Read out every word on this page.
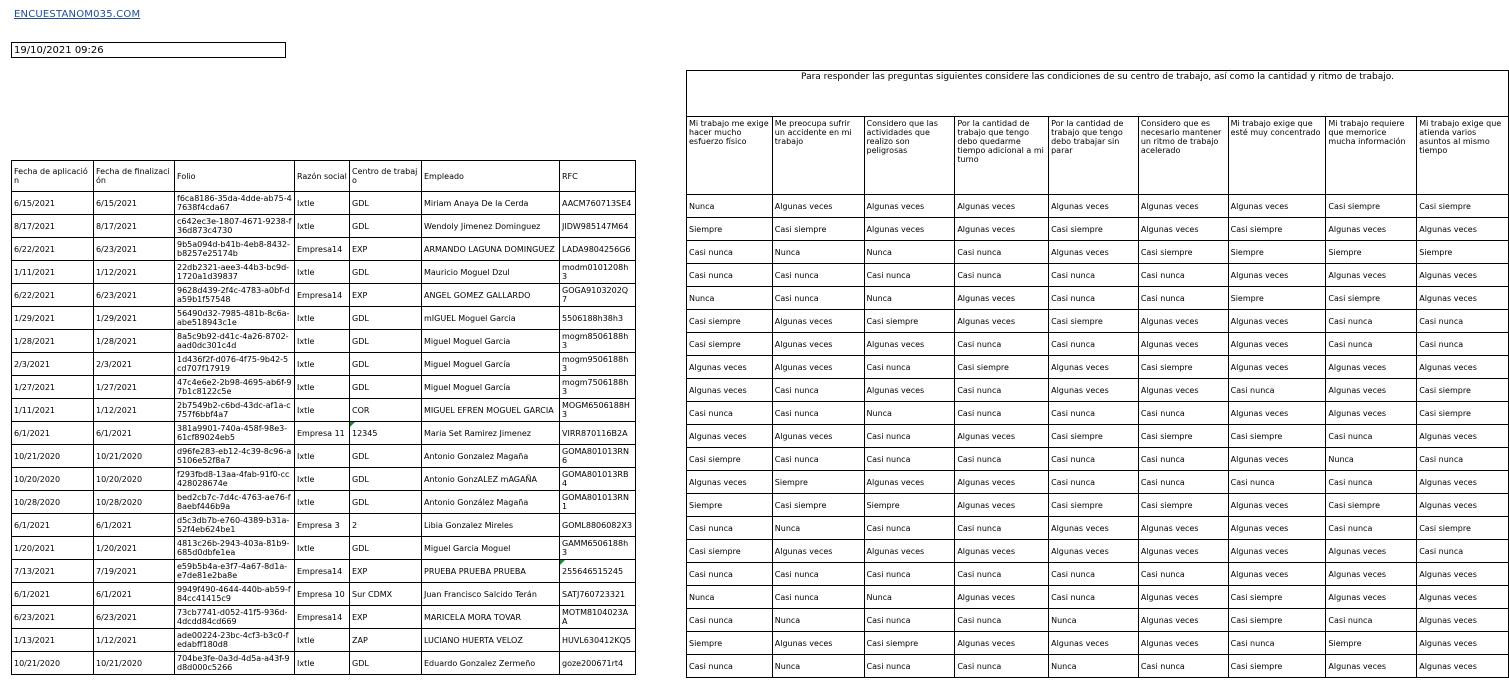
ENCUESTANOM035.COM
19/10/2021 09:26
Fecha de aplicación	Fecha de finalización	Folio	Razón social	Centro de trabajo	Empleado	RFC
6/15/2021	6/15/2021	f6ca8186-35da-4dde-ab75-47638f4cda67	Ixtle	GDL	Miriam Anaya De la Cerda	AACM760713SE4
8/17/2021	8/17/2021	c642ec3e-1807-4671-9238-f36d873c4730	Ixtle	GDL	Wendoly Jimenez Dominguez	JIDW985147M64
6/22/2021	6/23/2021	9b5a094d-b41b-4eb8-8432-b8257e25174b	Empresa14	EXP	ARMANDO LAGUNA DOMINGUEZ	LADA9804256G6
1/11/2021	1/12/2021	22db2321-aee3-44b3-bc9d-1720a1d39837	Ixtle	GDL	Mauricio Moguel Dzul	modm0101208h3
6/22/2021	6/23/2021	9628d439-2f4c-4783-a0bf-da59b1f57548	Empresa14	EXP	ANGEL GOMEZ GALLARDO	GOGA9103202Q7
1/29/2021	1/29/2021	56490d32-7985-481b-8c6a-abe518943c1e	Ixtle	GDL	mIGUEL Moguel Garcia	5506188h38h3
1/28/2021	1/28/2021	8a5c9b92-d41c-4a26-8702-aad0dc301c4d	Ixtle	GDL	Miguel Moguel Garcia	mogm8506188h3
2/3/2021	2/3/2021	1d436f2f-d076-4f75-9b42-5cd707f17919	Ixtle	GDL	Miguel Moguel García	mogm9506188h3
1/27/2021	1/27/2021	47c4e6e2-2b98-4695-ab6f-97b1c8122c5e	Ixtle	GDL	Miguel Moguel García	mogm7506188h3
1/11/2021	1/12/2021	2b7549b2-c6bd-43dc-af1a-c757f6bbf4a7	Ixtle	COR	MIGUEL EFREN MOGUEL GARCIA	MOGM6506188H3
6/1/2021	6/1/2021	381a9901-740a-458f-98e3-61cf89024eb5	Empresa 11	12345	Maria Set Ramirez Jimenez	VIRR870116B2A
10/21/2020	10/21/2020	d96fe283-eb12-4c39-8c96-a5106e52f8a7	Ixtle	GDL	Antonio Gonzalez Magaña	GOMA801013RN6
10/20/2020	10/20/2020	f293fbd8-13aa-4fab-91f0-cc428028674e	Ixtle	GDL	Antonio GonzALEZ mAGAÑA	GOMA801013RB4
10/28/2020	10/28/2020	bed2cb7c-7d4c-4763-ae76-f8aebf446b9a	Ixtle	GDL	Antonio González Magaña	GOMA801013RN1
6/1/2021	6/1/2021	d5c3db7b-e760-4389-b31a-52f4eb624be1	Empresa 3	2	Libia Gonzalez Mireles	GOML8806082X3
1/20/2021	1/20/2021	4813c26b-2943-403a-81b9-685d0dbfe1ea	Ixtle	GDL	Miguel Garcia Moguel	GAMM6506188h3
7/13/2021	7/19/2021	e59b5b4a-e3f7-4a67-8d1a-e7de81e2ba8e	Empresa14	EXP	PRUEBA PRUEBA PRUEBA	255646515245
6/1/2021	6/1/2021	9949f490-4644-440b-ab59-f84cc41415c9	Empresa 10	Sur CDMX	Juan Francisco Salcido Terán	SATJ760723321
6/23/2021	6/23/2021	73cb7741-d052-41f5-936d-4dcdd84cd669	Empresa14	EXP	MARICELA MORA TOVAR	MOTM8104023AA
1/13/2021	1/12/2021	ade00224-23bc-4cf3-b3c0-fedabff180d8	Ixtle	ZAP	LUCIANO HUERTA VELOZ	HUVL630412KQ5
10/21/2020	10/21/2020	704be3fe-0a3d-4d5a-a43f-9d8d000c5266	Ixtle	GDL	Eduardo Gonzalez Zermeño	goze200671rt4
Para responder las preguntas siguientes considere las condiciones de su centro de trabajo, así como la cantidad y ritmo de trabajo.								
Mi trabajo me exige hacer mucho esfuerzo físico	Me preocupa sufrir un accidente en mi trabajo	Considero que las actividades que realizo son peligrosas	Por la cantidad de trabajo que tengo debo quedarme tiempo adicional a mi turno	Por la cantidad de trabajo que tengo debo trabajar sin parar	Considero que es necesario mantener un ritmo de trabajo acelerado	Mi trabajo exige que esté muy concentrado	Mi trabajo requiere que memorice mucha información	Mi trabajo exige que atienda varios asuntos al mismo tiempo
Nunca	Algunas veces	Algunas veces	Algunas veces	Algunas veces	Algunas veces	Algunas veces	Casi siempre	Casi siempre
Siempre	Casi siempre	Algunas veces	Algunas veces	Casi siempre	Algunas veces	Casi siempre	Algunas veces	Algunas veces
Casi nunca	Nunca	Nunca	Casi nunca	Algunas veces	Casi siempre	Siempre	Siempre	Siempre
Casi nunca	Casi nunca	Casi nunca	Casi nunca	Casi nunca	Casi nunca	Algunas veces	Algunas veces	Algunas veces
Nunca	Casi nunca	Nunca	Algunas veces	Casi nunca	Casi nunca	Siempre	Casi siempre	Algunas veces
Casi siempre	Algunas veces	Casi siempre	Algunas veces	Casi siempre	Algunas veces	Algunas veces	Casi nunca	Casi nunca
Casi siempre	Algunas veces	Algunas veces	Casi nunca	Casi nunca	Algunas veces	Algunas veces	Casi nunca	Casi nunca
Algunas veces	Algunas veces	Casi nunca	Casi siempre	Algunas veces	Casi siempre	Algunas veces	Algunas veces	Algunas veces
Algunas veces	Casi nunca	Algunas veces	Casi nunca	Algunas veces	Algunas veces	Casi nunca	Algunas veces	Casi siempre
Casi nunca	Casi nunca	Nunca	Casi nunca	Casi nunca	Casi nunca	Algunas veces	Algunas veces	Casi siempre
Algunas veces	Algunas veces	Casi nunca	Algunas veces	Casi siempre	Casi siempre	Casi siempre	Casi nunca	Algunas veces
Casi siempre	Casi nunca	Casi nunca	Casi nunca	Casi nunca	Casi nunca	Algunas veces	Nunca	Casi nunca
Algunas veces	Siempre	Algunas veces	Algunas veces	Casi nunca	Casi nunca	Casi nunca	Casi nunca	Algunas veces
Siempre	Casi siempre	Siempre	Algunas veces	Casi siempre	Casi siempre	Algunas veces	Casi siempre	Algunas veces
Casi nunca	Nunca	Casi nunca	Casi nunca	Algunas veces	Algunas veces	Algunas veces	Casi nunca	Casi siempre
Casi siempre	Algunas veces	Algunas veces	Algunas veces	Algunas veces	Algunas veces	Algunas veces	Algunas veces	Casi nunca
Casi nunca	Casi nunca	Casi nunca	Casi nunca	Casi nunca	Casi nunca	Algunas veces	Algunas veces	Algunas veces
Nunca	Casi nunca	Nunca	Algunas veces	Casi nunca	Algunas veces	Casi siempre	Algunas veces	Algunas veces
Casi nunca	Nunca	Casi nunca	Casi nunca	Nunca	Algunas veces	Casi siempre	Casi nunca	Algunas veces
Siempre	Algunas veces	Casi siempre	Algunas veces	Algunas veces	Algunas veces	Casi nunca	Siempre	Algunas veces
Casi nunca	Nunca	Casi nunca	Casi nunca	Nunca	Casi nunca	Casi siempre	Algunas veces	Algunas veces
